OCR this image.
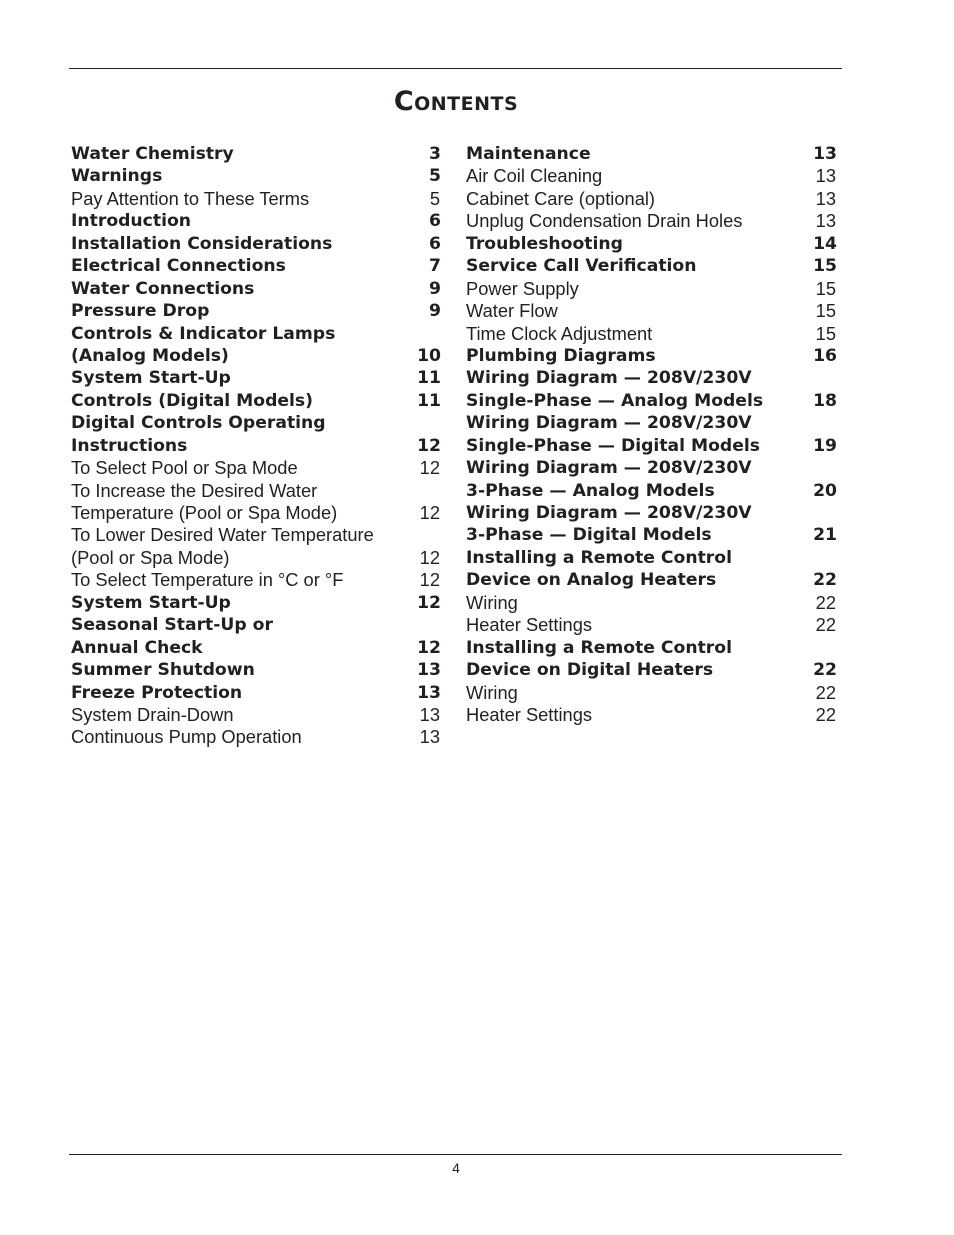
Contents
Water Chemistry	3
Warnings	5
Pay Attention to These Terms	5
Introduction	6
Installation Considerations	6
Electrical Connections	7
Water Connections	9
Pressure Drop	9
Controls & Indicator Lamps
(Analog Models)	10
System Start-Up	11
Controls (Digital Models)	11
Digital Controls Operating
Instructions	12
To Select Pool or Spa Mode	12
To Increase the Desired Water
Temperature (Pool or Spa Mode)	12
To Lower Desired Water Temperature
(Pool or Spa Mode)	12
To Select Temperature in °C or °F	12
System Start-Up	12
Seasonal Start-Up or
Annual Check	12
Summer Shutdown	13
Freeze Protection	13
System Drain-Down	13
Continuous Pump Operation	13
Maintenance	13
Air Coil Cleaning	13
Cabinet Care (optional)	13
Unplug Condensation Drain Holes	13
Troubleshooting	14
Service Call Verification	15
Power Supply	15
Water Flow	15
Time Clock Adjustment	15
Plumbing Diagrams	16
Wiring Diagram — 208V/230V
Single-Phase — Analog Models	18
Wiring Diagram — 208V/230V
Single-Phase — Digital Models	19
Wiring Diagram — 208V/230V
3-Phase — Analog Models	20
Wiring Diagram — 208V/230V
3-Phase — Digital Models	21
Installing a Remote Control
Device on Analog Heaters	22
Wiring	22
Heater Settings	22
Installing a Remote Control
Device on Digital Heaters	22
Wiring	22
Heater Settings	22
4
